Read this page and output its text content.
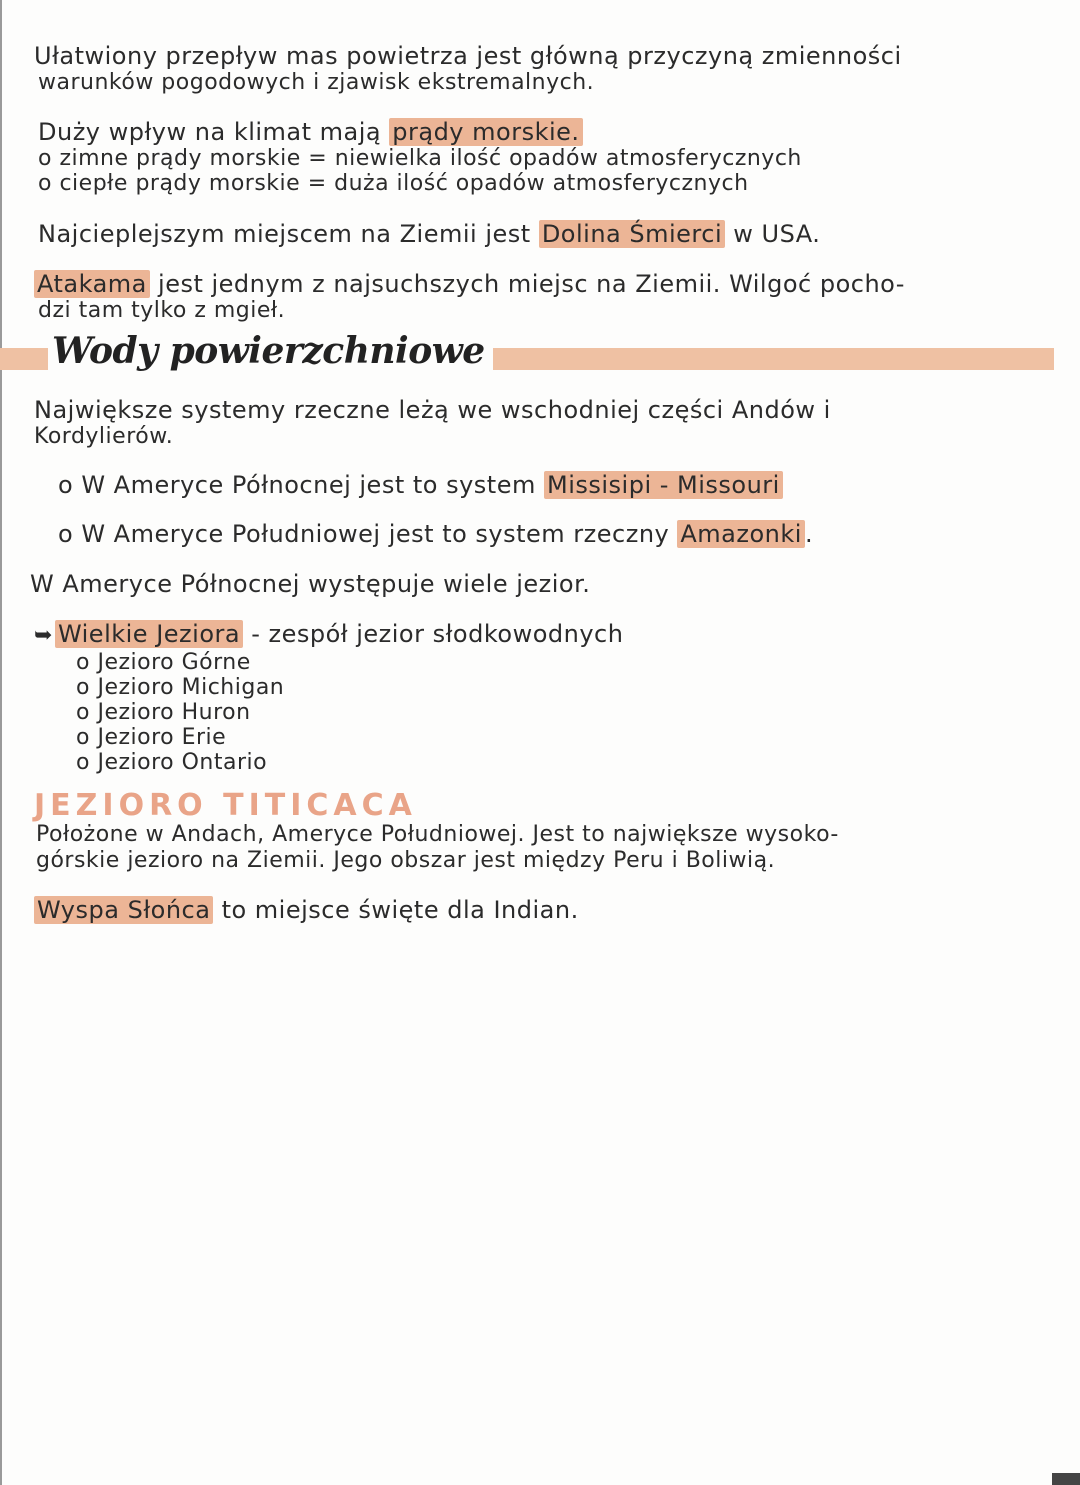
Ułatwiony przepływ mas powietrza jest główną przyczyną zmienności
warunków pogodowych i zjawisk ekstremalnych.
Duży wpływ na klimat mają prądy morskie.
o zimne prądy morskie = niewielka ilość opadów atmosferycznych
o ciepłe prądy morskie = duża ilość opadów atmosferycznych
Najcieplejszym miejscem na Ziemii jest Dolina Śmierci w USA.
Atakama jest jednym z najsuchszych miejsc na Ziemii. Wilgoć pocho-
dzi tam tylko z mgieł.
Wody powierzchniowe
Największe systemy rzeczne leżą we wschodniej części Andów i
Kordylierów.
o W Ameryce Północnej jest to system Missisipi - Missouri
o W Ameryce Południowej jest to system rzeczny Amazonki .
W Ameryce Północnej występuje wiele jezior.
➥ Wielkie Jeziora - zespół jezior słodkowodnych
o Jezioro Górne
o Jezioro Michigan
o Jezioro Huron
o Jezioro Erie
o Jezioro Ontario
JEZIORO TITICACA
Położone w Andach, Ameryce Południowej. Jest to największe wysoko-
górskie jezioro na Ziemii. Jego obszar jest między Peru i Boliwią.
Wyspa Słońca to miejsce święte dla Indian.
